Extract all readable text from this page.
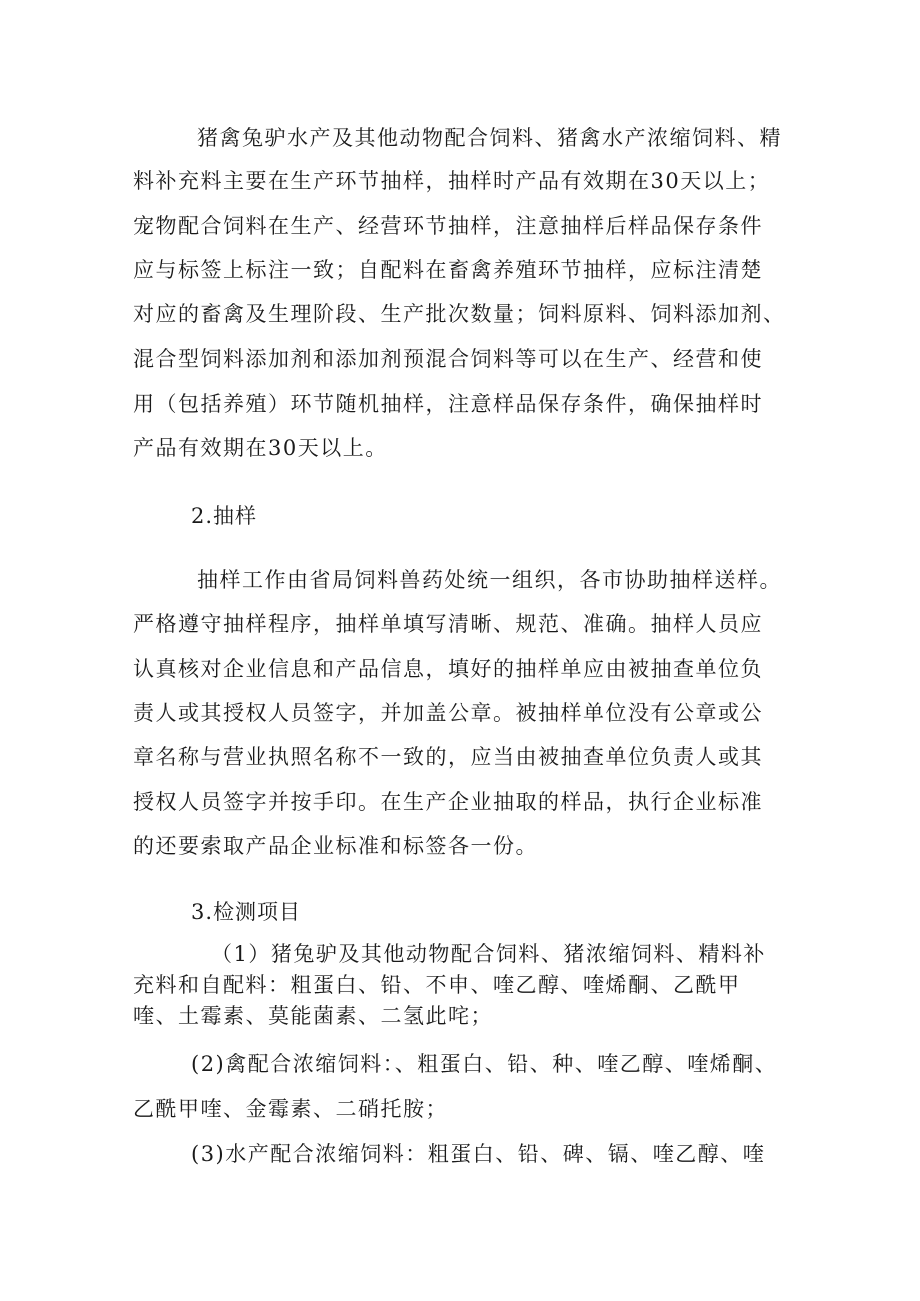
猪禽兔驴水产及其他动物配合饲料、猪禽水产浓缩饲料、精
料补充料主要在生产环节抽样，抽样时产品有效期在30天以上；
宠物配合饲料在生产、经营环节抽样，注意抽样后样品保存条件
应与标签上标注一致；自配料在畜禽养殖环节抽样，应标注清楚
对应的畜禽及生理阶段、生产批次数量；饲料原料、饲料添加剂、
混合型饲料添加剂和添加剂预混合饲料等可以在生产、经营和使
用（包括养殖）环节随机抽样，注意样品保存条件，确保抽样时
产品有效期在30天以上。
2.抽样
抽样工作由省局饲料兽药处统一组织，各市协助抽样送样。
严格遵守抽样程序，抽样单填写清晰、规范、准确。抽样人员应
认真核对企业信息和产品信息，填好的抽样单应由被抽查单位负
责人或其授权人员签字，并加盖公章。被抽样单位没有公章或公
章名称与营业执照名称不一致的，应当由被抽查单位负责人或其
授权人员签字并按手印。在生产企业抽取的样品，执行企业标准
的还要索取产品企业标准和标签各一份。
3.检测项目
（1）猪兔驴及其他动物配合饲料、猪浓缩饲料、精料补
充料和自配料：粗蛋白、铅、不申、喹乙醇、喹烯酮、乙酰甲
喹、土霉素、莫能菌素、二氢此咤；
(2)禽配合浓缩饲料：、粗蛋白、铅、种、喹乙醇、喹烯酮、
乙酰甲喹、金霉素、二硝托胺；
(3)水产配合浓缩饲料：粗蛋白、铅、碑、镉、喹乙醇、喹
